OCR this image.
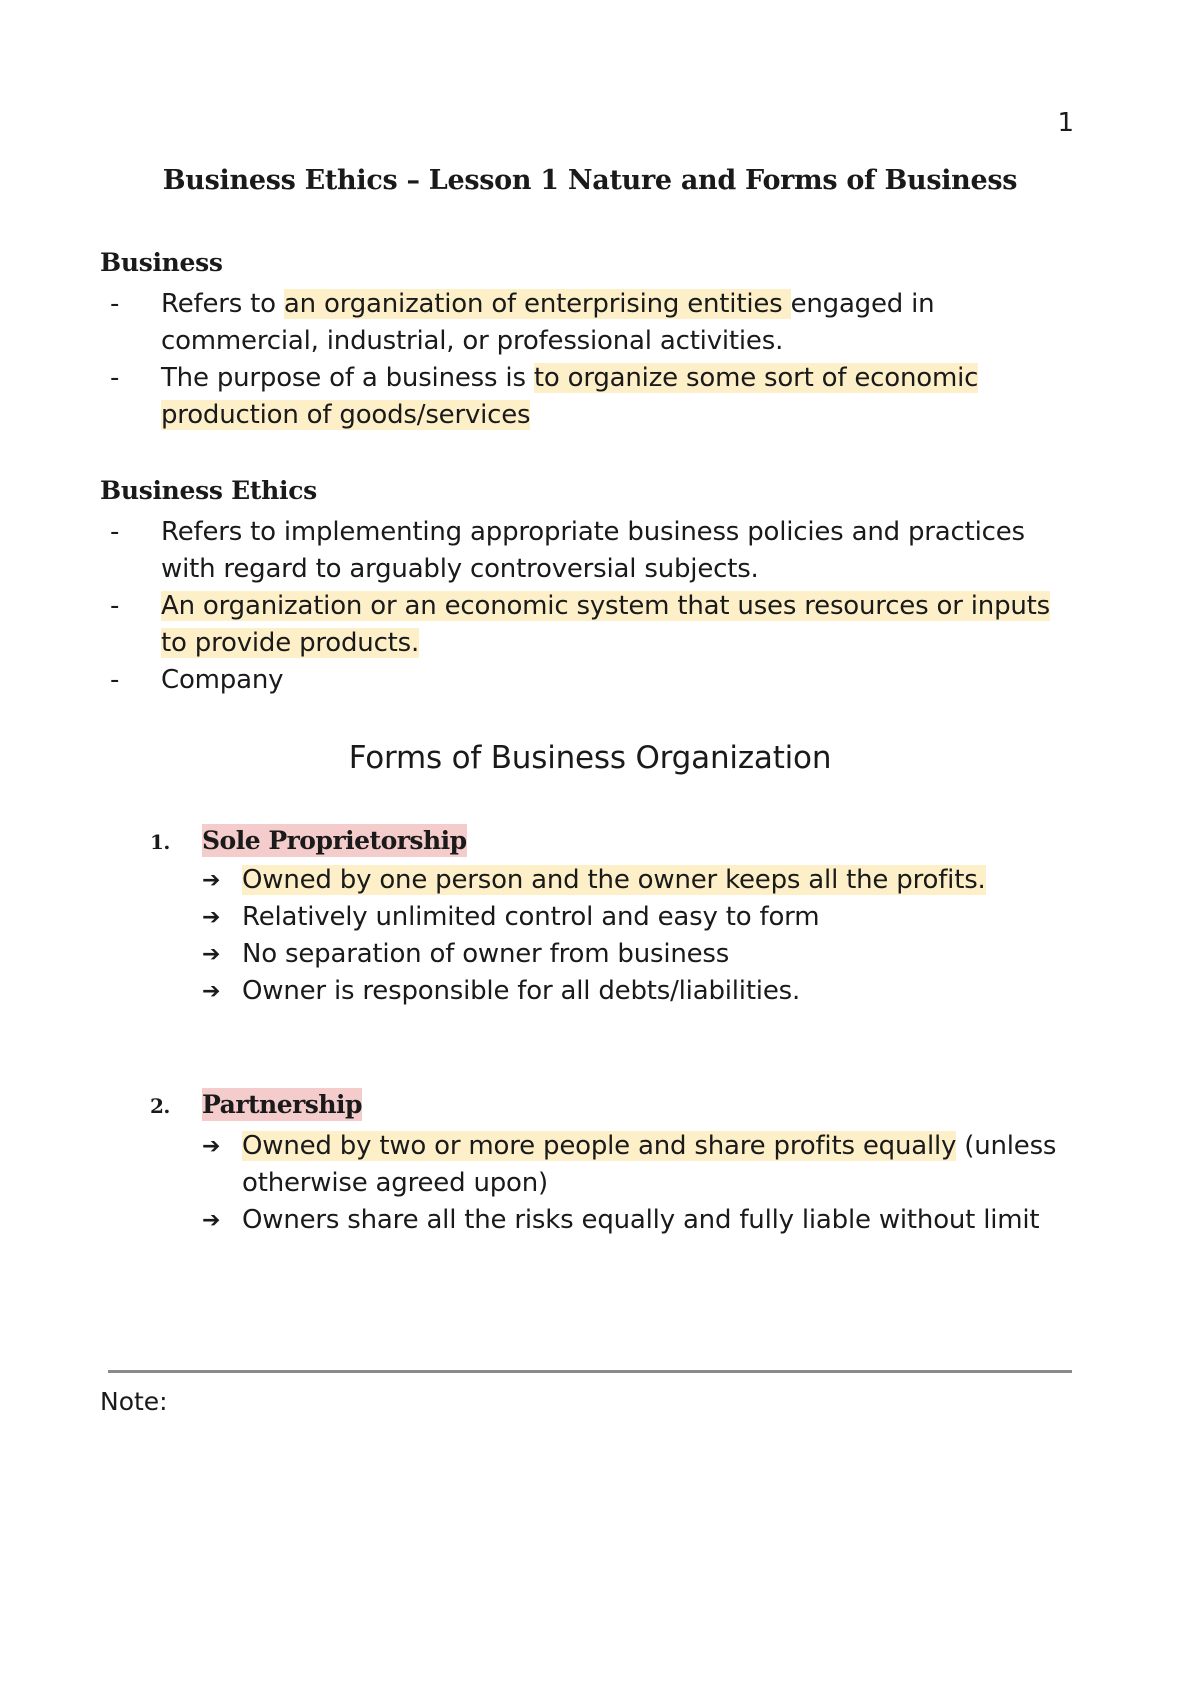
1
Business Ethics – Lesson 1 Nature and Forms of Business
Business
- Refers to an organization of enterprising entities engaged in commercial, industrial, or professional activities.
- The purpose of a business is to organize some sort of economic production of goods/services
Business Ethics
- Refers to implementing appropriate business policies and practices with regard to arguably controversial subjects.
- An organization or an economic system that uses resources or inputs to provide products.
- Company
Forms of Business Organization
1. Sole Proprietorship
➔ Owned by one person and the owner keeps all the profits.
➔ Relatively unlimited control and easy to form
➔ No separation of owner from business
➔ Owner is responsible for all debts/liabilities.
2. Partnership
➔ Owned by two or more people and share profits equally (unless otherwise agreed upon)
➔ Owners share all the risks equally and fully liable without limit
Note:
